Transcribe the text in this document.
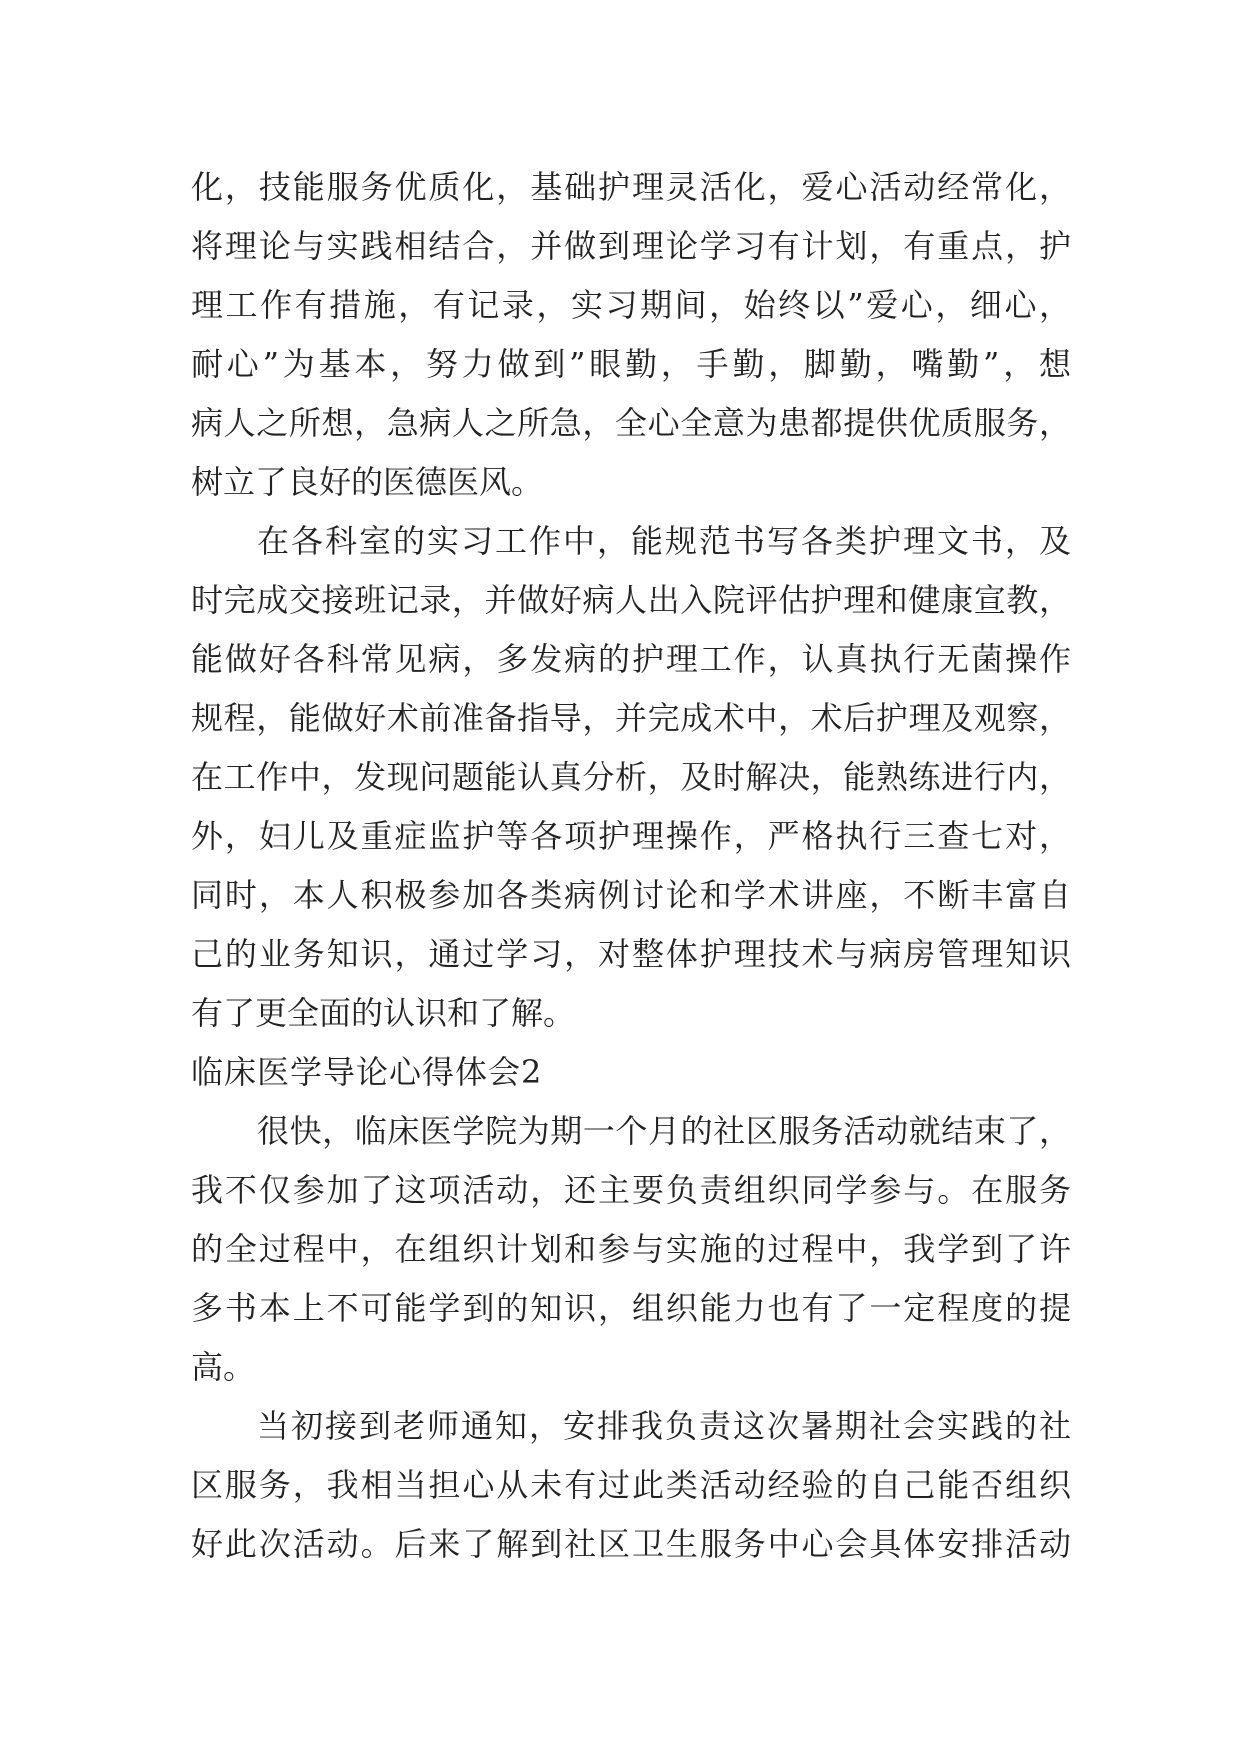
化，技能服务优质化，基础护理灵活化，爱心活动经常化，
将理论与实践相结合，并做到理论学习有计划，有重点，护
理工作有措施，有记录，实习期间，始终以”爱心，细心，
耐心”为基本，努力做到”眼勤，手勤，脚勤，嘴勤”，想
病人之所想，急病人之所急，全心全意为患都提供优质服务，
树立了良好的医德医风。
在各科室的实习工作中，能规范书写各类护理文书，及
时完成交接班记录，并做好病人出入院评估护理和健康宣教，
能做好各科常见病，多发病的护理工作，认真执行无菌操作
规程，能做好术前准备指导，并完成术中，术后护理及观察，
在工作中，发现问题能认真分析，及时解决，能熟练进行内，
外，妇儿及重症监护等各项护理操作，严格执行三查七对，
同时，本人积极参加各类病例讨论和学术讲座，不断丰富自
己的业务知识，通过学习，对整体护理技术与病房管理知识
有了更全面的认识和了解。
临床医学导论心得体会2
很快，临床医学院为期一个月的社区服务活动就结束了，
我不仅参加了这项活动，还主要负责组织同学参与。在服务
的全过程中，在组织计划和参与实施的过程中，我学到了许
多书本上不可能学到的知识，组织能力也有了一定程度的提
高。
当初接到老师通知，安排我负责这次暑期社会实践的社
区服务，我相当担心从未有过此类活动经验的自己能否组织
好此次活动。后来了解到社区卫生服务中心会具体安排活动
